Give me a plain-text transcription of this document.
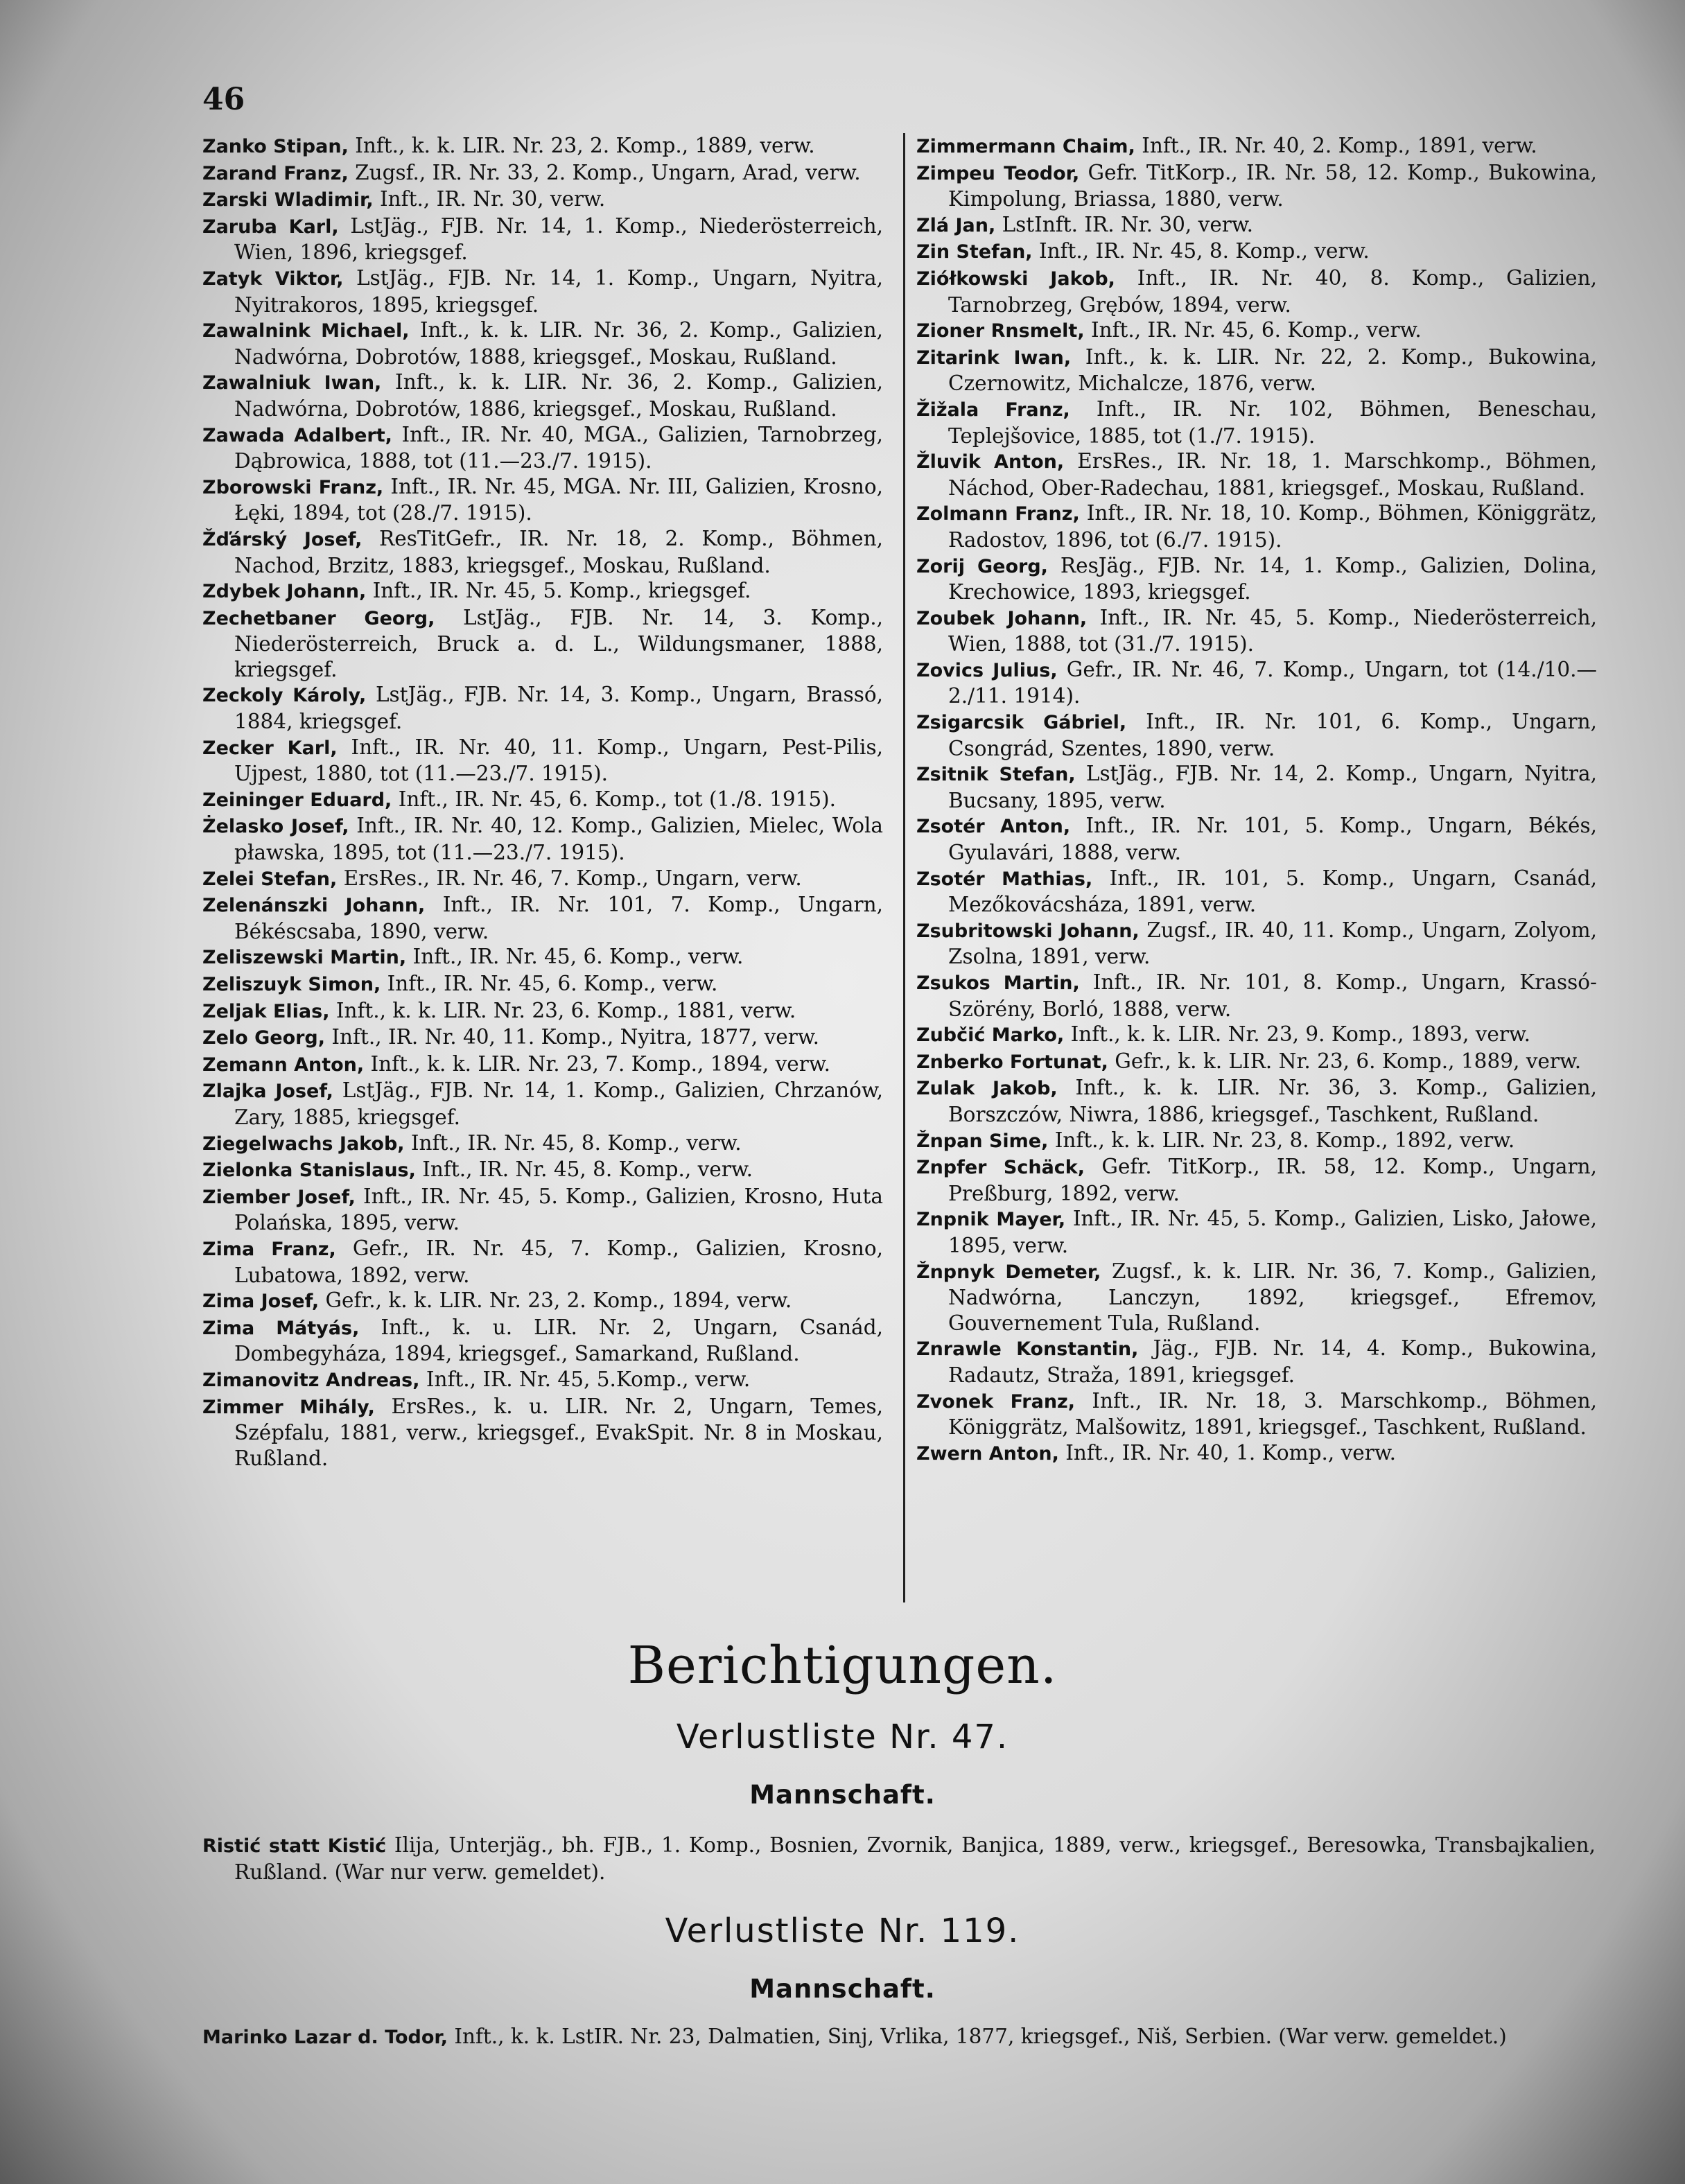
46

Zanko Stipan, Inft., k. k. LIR. Nr. 23, 2. Komp., 1889, verw.

Zarand Franz, Zugsf., IR. Nr. 33, 2. Komp., Ungarn, Arad, verw.

Zarski Wladimir, Inft., IR. Nr. 30, verw.

Zaruba Karl, LstJäg., FJB. Nr. 14, 1. Komp., Niederösterreich, Wien, 1896, kriegsgef.

Zatyk Viktor, LstJäg., FJB. Nr. 14, 1. Komp., Ungarn, Nyitra, Nyitrakoros, 1895, kriegsgef.

Zawalnink Michael, Inft., k. k. LIR. Nr. 36, 2. Komp., Galizien, Nadwórna, Dobrotów, 1888, kriegsgef., Moskau, Rußland.

Zawalniuk Iwan, Inft., k. k. LIR. Nr. 36, 2. Komp., Galizien, Nadwórna, Dobrotów, 1886, kriegsgef., Moskau, Rußland.

Zawada Adalbert, Inft., IR. Nr. 40, MGA., Galizien, Tarnobrzeg, Dąbrowica, 1888, tot (11.—23./7. 1915).

Zborowski Franz, Inft., IR. Nr. 45, MGA. Nr. III, Galizien, Krosno, Łęki, 1894, tot (28./7. 1915).

Žďárský Josef, ResTitGefr., IR. Nr. 18, 2. Komp., Böhmen, Nachod, Brzitz, 1883, kriegsgef., Moskau, Rußland.

Zdybek Johann, Inft., IR. Nr. 45, 5. Komp., kriegsgef.

Zechetbaner Georg, LstJäg., FJB. Nr. 14, 3. Komp., Niederösterreich, Bruck a. d. L., Wildungsmaner, 1888, kriegsgef.

Zeckoly Károly, LstJäg., FJB. Nr. 14, 3. Komp., Ungarn, Brassó, 1884, kriegsgef.

Zecker Karl, Inft., IR. Nr. 40, 11. Komp., Ungarn, Pest-Pilis, Ujpest, 1880, tot (11.—23./7. 1915).

Zeininger Eduard, Inft., IR. Nr. 45, 6. Komp., tot (1./8. 1915).

Żelasko Josef, Inft., IR. Nr. 40, 12. Komp., Galizien, Mielec, Wola pławska, 1895, tot (11.—23./7. 1915).

Zelei Stefan, ErsRes., IR. Nr. 46, 7. Komp., Ungarn, verw.

Zelenánszki Johann, Inft., IR. Nr. 101, 7. Komp., Ungarn, Békéscsaba, 1890, verw.

Zeliszewski Martin, Inft., IR. Nr. 45, 6. Komp., verw.

Zeliszuyk Simon, Inft., IR. Nr. 45, 6. Komp., verw.

Zeljak Elias, Inft., k. k. LIR. Nr. 23, 6. Komp., 1881, verw.

Zelo Georg, Inft., IR. Nr. 40, 11. Komp., Nyitra, 1877, verw.

Zemann Anton, Inft., k. k. LIR. Nr. 23, 7. Komp., 1894, verw.

Zlajka Josef, LstJäg., FJB. Nr. 14, 1. Komp., Galizien, Chrzanów, Zary, 1885, kriegsgef.

Ziegelwachs Jakob, Inft., IR. Nr. 45, 8. Komp., verw.

Zielonka Stanislaus, Inft., IR. Nr. 45, 8. Komp., verw.

Ziember Josef, Inft., IR. Nr. 45, 5. Komp., Galizien, Krosno, Huta Polańska, 1895, verw.

Zima Franz, Gefr., IR. Nr. 45, 7. Komp., Galizien, Krosno, Lubatowa, 1892, verw.

Zima Josef, Gefr., k. k. LIR. Nr. 23, 2. Komp., 1894, verw.

Zima Mátyás, Inft., k. u. LIR. Nr. 2, Ungarn, Csanád, Dombegyháza, 1894, kriegsgef., Samarkand, Rußland.

Zimanovitz Andreas, Inft., IR. Nr. 45, 5.Komp., verw.

Zimmer Mihály, ErsRes., k. u. LIR. Nr. 2, Ungarn, Temes, Szépfalu, 1881, verw., kriegsgef., EvakSpit. Nr. 8 in Moskau, Rußland.

Zimmermann Chaim, Inft., IR. Nr. 40, 2. Komp., 1891, verw.

Zimpeu Teodor, Gefr. TitKorp., IR. Nr. 58, 12. Komp., Bukowina, Kimpolung, Briassa, 1880, verw.

Zlá Jan, LstInft. IR. Nr. 30, verw.

Zin Stefan, Inft., IR. Nr. 45, 8. Komp., verw.

Ziółkowski Jakob, Inft., IR. Nr. 40, 8. Komp., Galizien, Tarnobrzeg, Grębów, 1894, verw.

Zioner Rnsmelt, Inft., IR. Nr. 45, 6. Komp., verw.

Zitarink Iwan, Inft., k. k. LIR. Nr. 22, 2. Komp., Bukowina, Czernowitz, Michalcze, 1876, verw.

Žižala Franz, Inft., IR. Nr. 102, Böhmen, Beneschau, Teplejšovice, 1885, tot (1./7. 1915).

Žluvik Anton, ErsRes., IR. Nr. 18, 1. Marschkomp., Böhmen, Náchod, Ober-Radechau, 1881, kriegsgef., Moskau, Rußland.

Zolmann Franz, Inft., IR. Nr. 18, 10. Komp., Böhmen, Königgrätz, Radostov, 1896, tot (6./7. 1915).

Zorij Georg, ResJäg., FJB. Nr. 14, 1. Komp., Galizien, Dolina, Krechowice, 1893, kriegsgef.

Zoubek Johann, Inft., IR. Nr. 45, 5. Komp., Niederösterreich, Wien, 1888, tot (31./7. 1915).

Zovics Julius, Gefr., IR. Nr. 46, 7. Komp., Ungarn, tot (14./10.—2./11. 1914).

Zsigarcsik Gábriel, Inft., IR. Nr. 101, 6. Komp., Ungarn, Csongrád, Szentes, 1890, verw.

Zsitnik Stefan, LstJäg., FJB. Nr. 14, 2. Komp., Ungarn, Nyitra, Bucsany, 1895, verw.

Zsotér Anton, Inft., IR. Nr. 101, 5. Komp., Ungarn, Békés, Gyulavári, 1888, verw.

Zsotér Mathias, Inft., IR. 101, 5. Komp., Ungarn, Csanád, Mezőkovácsháza, 1891, verw.

Zsubritowski Johann, Zugsf., IR. 40, 11. Komp., Ungarn, Zolyom, Zsolna, 1891, verw.

Zsukos Martin, Inft., IR. Nr. 101, 8. Komp., Ungarn, Krassó-Szörény, Borló, 1888, verw.

Zubčić Marko, Inft., k. k. LIR. Nr. 23, 9. Komp., 1893, verw.

Znberko Fortunat, Gefr., k. k. LIR. Nr. 23, 6. Komp., 1889, verw.

Zulak Jakob, Inft., k. k. LIR. Nr. 36, 3. Komp., Galizien, Borszczów, Niwra, 1886, kriegsgef., Taschkent, Rußland.

Žnpan Sime, Inft., k. k. LIR. Nr. 23, 8. Komp., 1892, verw.

Znpfer Schäck, Gefr. TitKorp., IR. 58, 12. Komp., Ungarn, Preßburg, 1892, verw.

Znpnik Mayer, Inft., IR. Nr. 45, 5. Komp., Galizien, Lisko, Jałowe, 1895, verw.

Žnpnyk Demeter, Zugsf., k. k. LIR. Nr. 36, 7. Komp., Galizien, Nadwórna, Lanczyn, 1892, kriegsgef., Efremov, Gouvernement Tula, Rußland.

Znrawle Konstantin, Jäg., FJB. Nr. 14, 4. Komp., Bukowina, Radautz, Straža, 1891, kriegsgef.

Zvonek Franz, Inft., IR. Nr. 18, 3. Marschkomp., Böhmen, Königgrätz, Malšowitz, 1891, kriegsgef., Taschkent, Rußland.

Zwern Anton, Inft., IR. Nr. 40, 1. Komp., verw.

Berichtigungen.
Verlustliste Nr. 47.
Mannschaft.
Ristić statt Kistić Ilija, Unterjäg., bh. FJB., 1. Komp., Bosnien, Zvornik, Banjica, 1889, verw., kriegsgef., Beresowka, Transbajkalien, Rußland. (War nur verw. gemeldet).
Verlustliste Nr. 119.
Mannschaft.
Marinko Lazar d. Todor, Inft., k. k. LstIR. Nr. 23, Dalmatien, Sinj, Vrlika, 1877, kriegsgef., Niš, Serbien. (War verw. gemeldet.)
